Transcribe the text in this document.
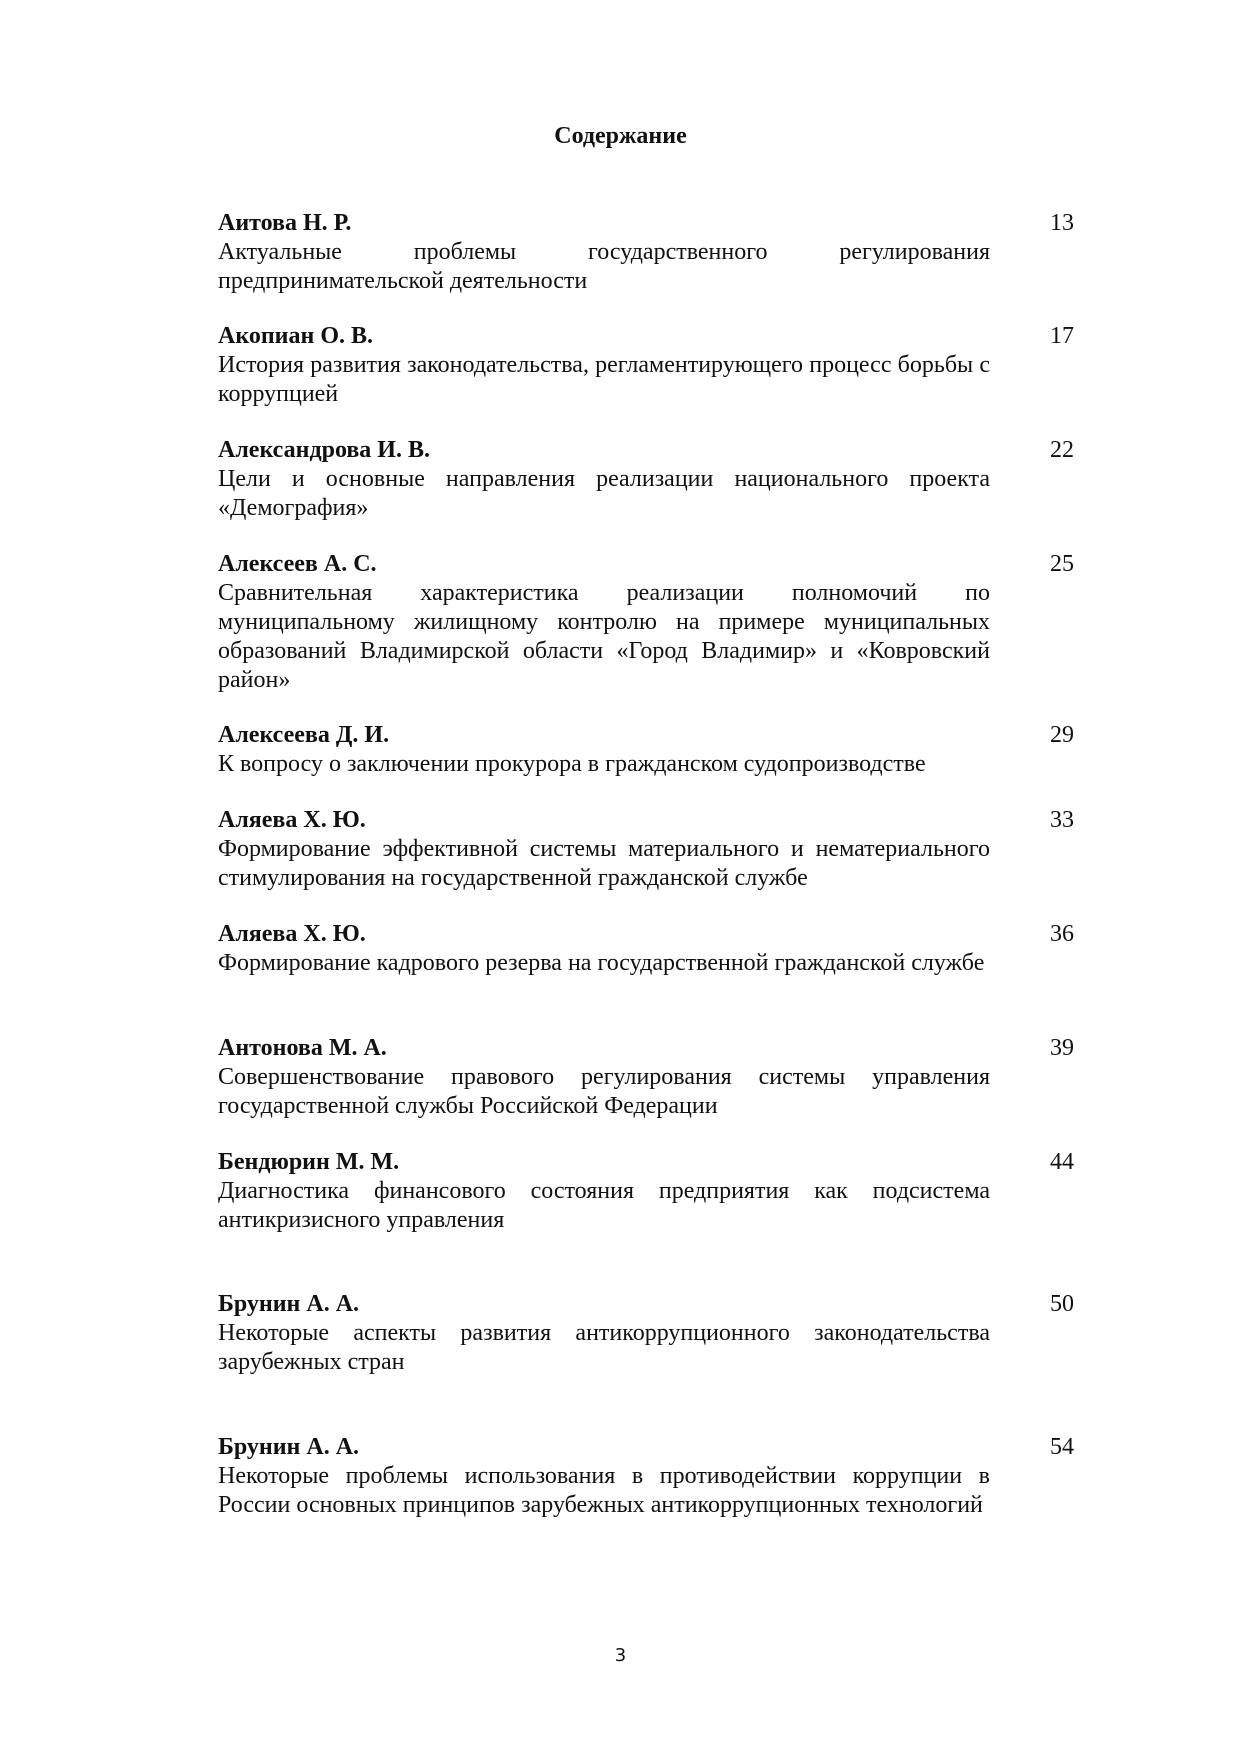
Содержание
Аитова Н. Р.
Актуальные проблемы государственного регулирования предпринимательской деятельности
13
Акопиан О. В.
История развития законодательства, регламентирующего процесс борьбы с коррупцией
17
Александрова И. В.
Цели и основные направления реализации национального проекта «Демография»
22
Алексеев А. С.
Сравнительная характеристика реализации полномочий по муниципальному жилищному контролю на примере муниципальных образований Владимирской области «Город Владимир» и «Ковровский район»
25
Алексеева Д. И.
К вопросу о заключении прокурора в гражданском судопроизводстве
29
Аляева Х. Ю.
Формирование эффективной системы материального и нематериального стимулирования на государственной гражданской службе
33
Аляева Х. Ю.
Формирование кадрового резерва на государственной гражданской службе
36
Антонова М. А.
Совершенствование правового регулирования системы управления государственной службы Российской Федерации
39
Бендюрин М. М.
Диагностика финансового состояния предприятия как подсистема антикризисного управления
44
Брунин А. А.
Некоторые аспекты развития антикоррупционного законодательства зарубежных стран
50
Брунин А. А.
Некоторые проблемы использования в противодействии коррупции в России основных принципов зарубежных антикоррупционных технологий
54
3
